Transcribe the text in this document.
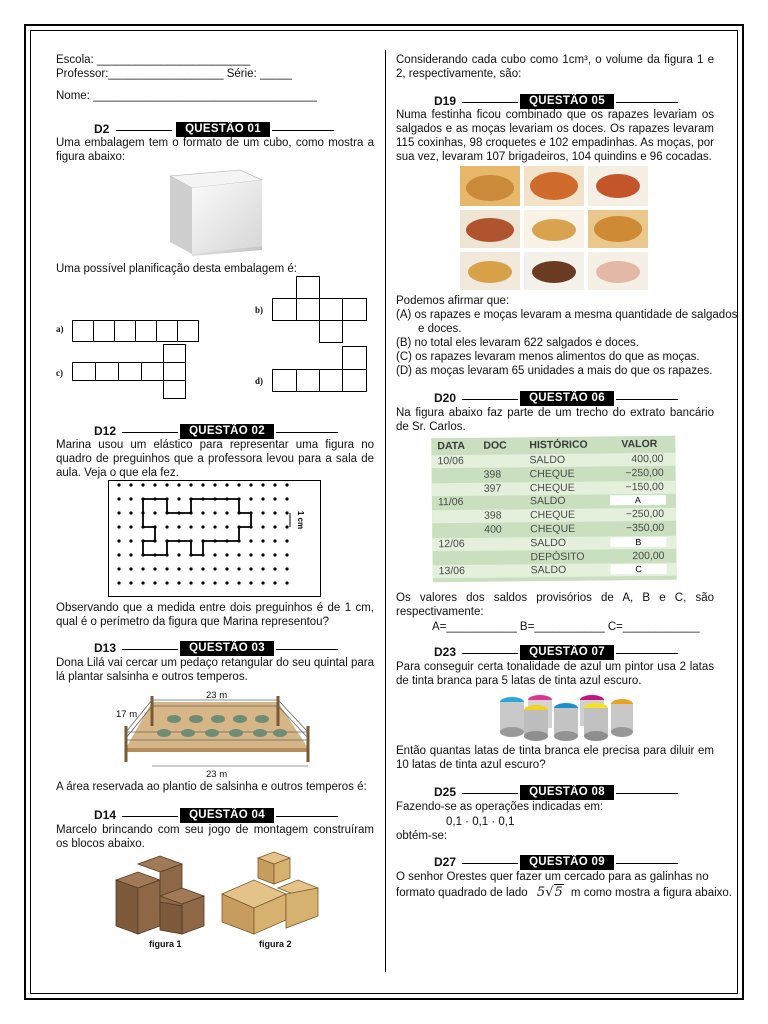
Escola: ________________________
Professor:__________________ Série: _____
Nome: ___________________________________
D2	QUESTÃO 01
Uma embalagem tem o formato de um cubo, como mostra a figura abaixo:
Uma possível planificação desta embalagem é:
a)
b)
c)
d)
D12	QUESTÃO 02
Marina usou um elástico para representar uma figura no quadro de preguinhos que a professora levou para a sala de aula. Veja o que ela fez.
1 cm
Observando que a medida entre dois preguinhos é de 1 cm, qual é o perímetro da figura que Marina representou?
D13	QUESTÃO 03
Dona Lilá vai cercar um pedaço retangular do seu quintal para lá plantar salsinha e outros temperos.
23 m
17 m
23 m
A área reservada ao plantio de salsinha e outros temperos é:
D14	QUESTÃO 04
Marcelo brincando com seu jogo de montagem construíram os blocos abaixo.
figura 1	figura 2
Considerando cada cubo como 1cm³, o volume da figura 1 e 2, respectivamente, são:
D19	QUESTÃO 05
Numa festinha ficou combinado que os rapazes levariam os salgados e as moças levariam os doces. Os rapazes levaram 115 coxinhas, 98 croquetes e 102 empadinhas. As moças, por sua vez, levaram 107 brigadeiros, 104 quindins e 96 cocadas.
Podemos afirmar que:
(A) os rapazes e moças levaram a mesma quantidade de salgados
e doces.
(B) no total eles levaram 622 salgados e doces.
(C) os rapazes levaram menos alimentos do que as moças.
(D) as moças levaram 65 unidades a mais do que os rapazes.
D20	QUESTÃO 06
Na figura abaixo faz parte de um trecho do extrato bancário de Sr. Carlos.
DATA DOC HISTÓRICO	VALOR
10/06	SALDO	400,00
398	CHEQUE	−250,00
397	CHEQUE	−150,00
11/06	SALDO	A
398	CHEQUE	−250,00
400	CHEQUE	−350,00
12/06	SALDO	B
DEPÓSITO	200,00
13/06	SALDO	C
Os valores dos saldos provisórios de A, B e C, são respectivamente:
A=___________ B=___________ C=____________
D23	QUESTÃO 07
Para conseguir certa tonalidade de azul um pintor usa 2 latas de tinta branca para 5 latas de tinta azul escuro.
Então quantas latas de tinta branca ele precisa para diluir em 10 latas de tinta azul escuro?
D25	QUESTÃO 08
Fazendo-se as operações indicadas em:
0,1 · 0,1 · 0,1
obtém-se:
D27	QUESTÃO 09
O senhor Orestes quer fazer um cercado para as galinhas no
formato quadrado de lado 5√5 m como mostra a figura abaixo.
